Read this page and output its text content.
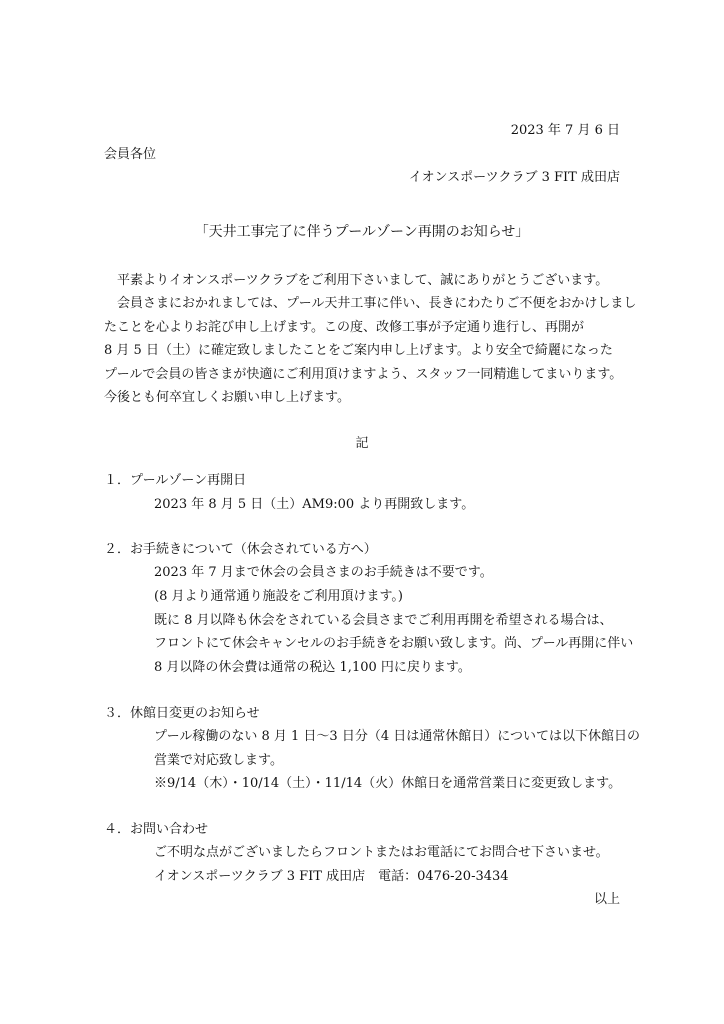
2023 年 7 月 6 日
会員各位
イオンスポーツクラブ 3 FIT 成田店
「天井工事完了に伴うプールゾーン再開のお知らせ」
　平素よりイオンスポーツクラブをご利用下さいまして、誠にありがとうございます。
　会員さまにおかれましては、プール天井工事に伴い、長きにわたりご不便をおかけしまし
たことを心よりお詫び申し上げます。この度、改修工事が予定通り進行し、再開が
8 月 5 日（土）に確定致しましたことをご案内申し上げます。より安全で綺麗になった
プールで会員の皆さまが快適にご利用頂けますよう、スタッフ一同精進してまいります。
今後とも何卒宜しくお願い申し上げます。
記
１．プールゾーン再開日
2023 年 8 月 5 日（土）AM9:00 より再開致します。
２．お手続きについて（休会されている方へ）
2023 年 7 月まで休会の会員さまのお手続きは不要です。
(8 月より通常通り施設をご利用頂けます。)
既に 8 月以降も休会をされている会員さまでご利用再開を希望される場合は、
フロントにて休会キャンセルのお手続きをお願い致します。尚、プール再開に伴い
8 月以降の休会費は通常の税込 1,100 円に戻ります。
３．休館日変更のお知らせ
プール稼働のない 8 月 1 日～3 日分（4 日は通常休館日）については以下休館日の
営業で対応致します。
※9/14（木）・10/14（土）・11/14（火）休館日を通常営業日に変更致します。
４．お問い合わせ
ご不明な点がございましたらフロントまたはお電話にてお問合せ下さいませ。
イオンスポーツクラブ 3 FIT 成田店　電話：0476-20-3434
以上
